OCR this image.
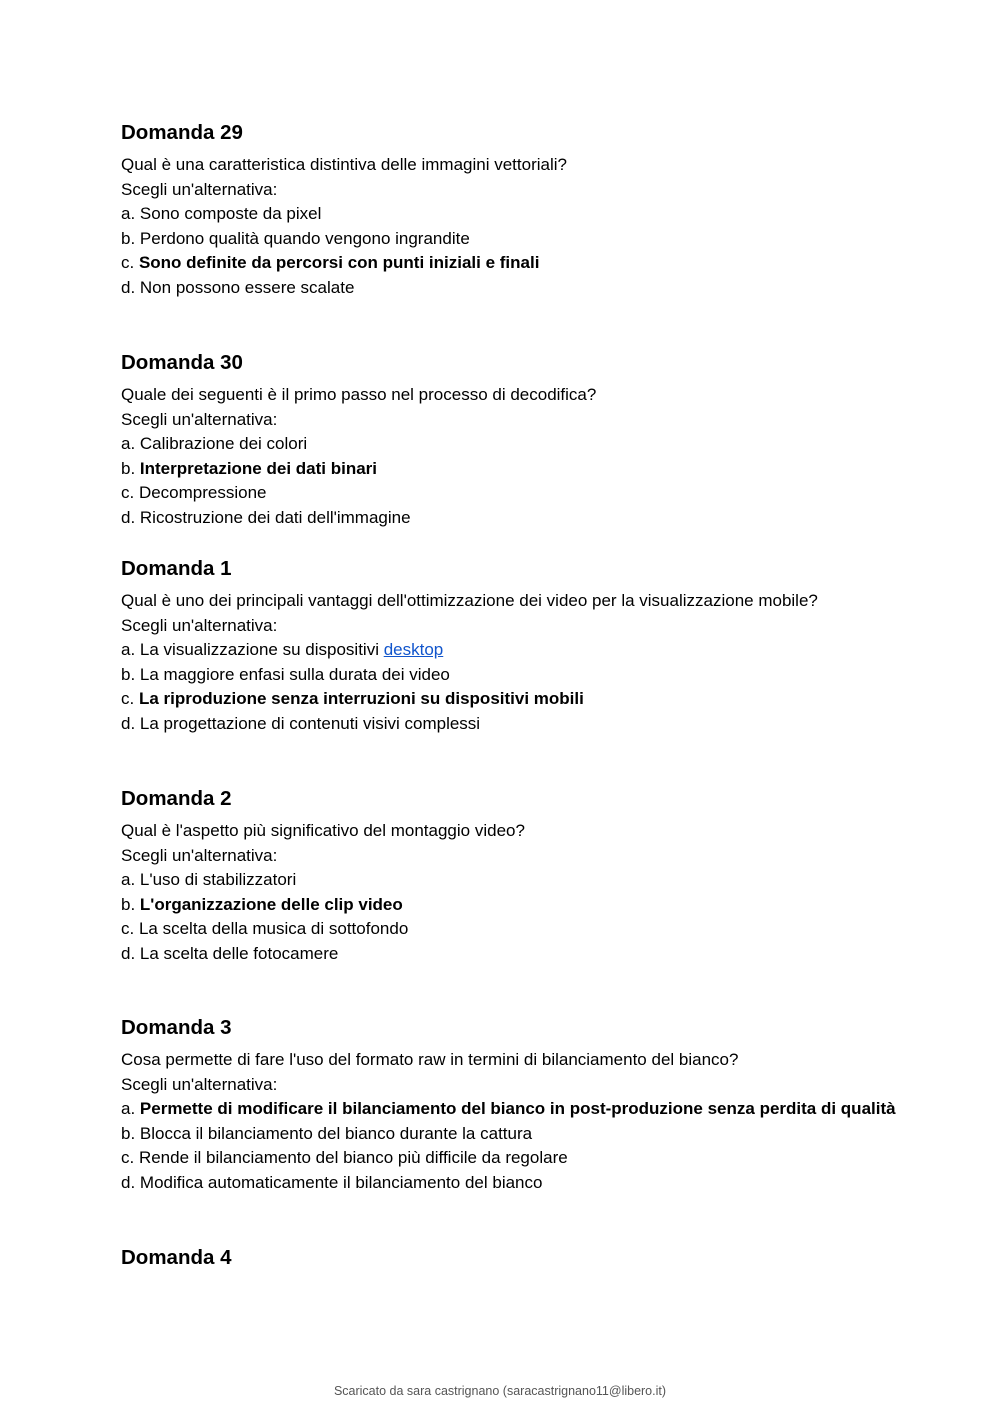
Domanda 29

Qual è una caratteristica distintiva delle immagini vettoriali?

Scegli un'alternativa:

a. Sono composte da pixel

b. Perdono qualità quando vengono ingrandite

c. Sono definite da percorsi con punti iniziali e finali

d. Non possono essere scalate

Domanda 30

Quale dei seguenti è il primo passo nel processo di decodifica?

Scegli un'alternativa:

a. Calibrazione dei colori

b. Interpretazione dei dati binari

c. Decompressione

d. Ricostruzione dei dati dell'immagine

Domanda 1

Qual è uno dei principali vantaggi dell'ottimizzazione dei video per la visualizzazione mobile?

Scegli un'alternativa:

a. La visualizzazione su dispositivi desktop

b. La maggiore enfasi sulla durata dei video

c. La riproduzione senza interruzioni su dispositivi mobili

d. La progettazione di contenuti visivi complessi

Domanda 2

Qual è l'aspetto più significativo del montaggio video?

Scegli un'alternativa:

a. L'uso di stabilizzatori

b. L'organizzazione delle clip video

c. La scelta della musica di sottofondo

d. La scelta delle fotocamere

Domanda 3

Cosa permette di fare l'uso del formato raw in termini di bilanciamento del bianco?

Scegli un'alternativa:

a. Permette di modificare il bilanciamento del bianco in post-produzione senza perdita di qualità

b. Blocca il bilanciamento del bianco durante la cattura

c. Rende il bilanciamento del bianco più difficile da regolare

d. Modifica automaticamente il bilanciamento del bianco

Domanda 4
Scaricato da sara castrignano (saracastrignano11@libero.it)
